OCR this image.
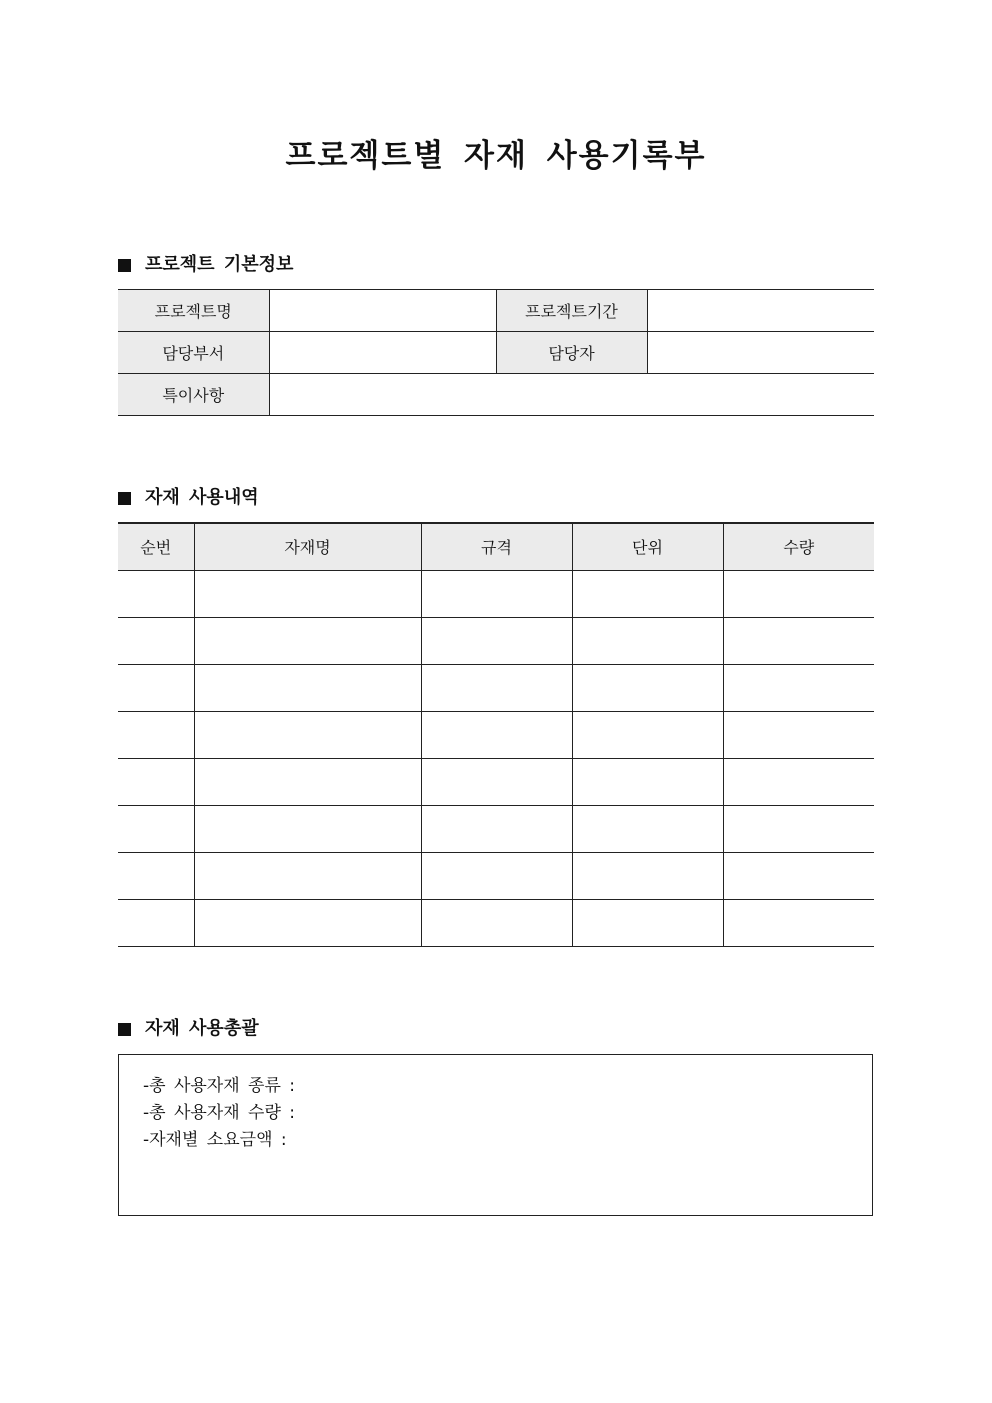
프로젝트별 자재 사용기록부
프로젝트 기본정보
프로젝트명		프로젝트기간	
담당부서		담당자	
특이사항			
자재 사용내역
순번	자재명	규격	단위	수량

자재 사용총괄
-총 사용자재 종류 :
-총 사용자재 수량 :
-자재별 소요금액 :
